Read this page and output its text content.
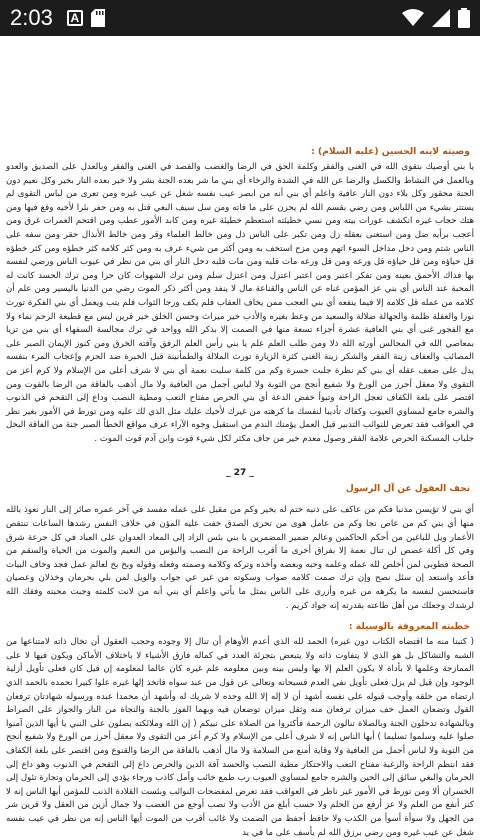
2:03	A
وصيته لابنه الحسين (عليه السلام) :

يا بني أوصيك بتقوى الله في الغنى والفقر وكلمة الحق في الرضا والغضب والقصد في الغنى والفقر وبالعدل على الصديق والعدو وبالعمل في النشاط والكسل والرضا عن الله في الشدة والرخاء أي بني ما شر بعده الجنة بشر ولا خير بعده النار بخير وكل نعيم دون الجنة محقور وكل بلاء دون النار عافية واعلم أي بني أنه من ابصر عيب نفسه شغل عن عيب غيره ومن تعرى من لباس التقوى لم يستتر بشيء من اللباس ومن رضي بقسم الله لم يحزن على ما فاته ومن سل سيف البغي قتل به ومن حفر بئرا لأخيه وقع فيها ومن هتك حجاب غيره انكشف عورات بيته ومن نسي خطيئته استعظم خطيئة غيره ومن كابد الأمور عطب ومن اقتحم الغمرات غرق ومن أعجب برأيه ضل ومن استغنى بعقله زل ومن تكبر على الناس ذل ومن خالط العلماء وقر ومن خالط الأنذال حقر ومن سفه على الناس شتم ومن دخل مداخل السوء اتهم ومن مزح استخف به ومن أكثر من شيء عرف به ومن كثر كلامه كثر خطؤه ومن كثر خطؤه قل حياؤه ومن قل حياؤه قل ورعه ومن قل ورعه مات قلبه ومن مات قلبه دخل النار أي بني من نظر في عيوب الناس ورضي لنفسه بها فذاك الأحمق بعينه ومن تفكر اعتبر ومن اعتبر اعتزل ومن اعتزل سلم ومن ترك الشهوات كان حرا ومن ترك الحسد كانت له المحبة عند الناس أي بني عز المؤمن غناه عن الناس والقناعة مال لا ينفد ومن أكثر ذكر الموت رضي من الدنيا باليسير ومن علم أن كلامه من عمله قل كلامه إلا فيما ينفعه أي بني العجب ممن يخاف العقاب فلم يكف ورجا الثواب فلم يتب ويعمل أي بني الفكرة تورث نورا والغفلة ظلمة والجهالة ضلالة والسعيد من وعظ بغيره والأدب خير ميراث وحسن الخلق خير قرين ليس مع قطيعة الرحم نماء ولا مع الفجور غنى أي بني العافية عشرة أجزاء تسعة منها في الصمت إلا بذكر الله وواحد في ترك مجالسة السفهاء أي بني من تزيا بمعاصي الله في المجالس أورثه الله ذلا ومن طلب العلم علم يا بني رأس العلم الرفق وآفته الخرق ومن كنوز الإيمان الصبر على المصائب والعفاف زينة الفقر والشكر زينة الغنى كثرة الزيارة تورث الملالة والطمأنينة قبل الخبرة ضد الحزم وإعجاب المرء بنفسه يدل على ضعف عقله أي بني كم نظرة جلبت حسرة وكم من كلمة سلبت نعمة أي بني لا شرف أعلى من الإسلام ولا كرم أعز من التقوى ولا معقل أحرز من الورع ولا شفيع أنجح من التوبة ولا لباس أجمل من العافية ولا مال أذهب بالفاقة من الرضا بالقوت ومن اقتصر على بلغة الكفاف تعجل الراحة وتبوأ خفض الدعة أي بني الحرص مفتاح التعب ومطية النصب وداع إلى التقحم في الذنوب والشره جامع لمساوي العيوب وكفاك تأديبا لنفسك ما كرهته من غيرك لأخيك عليك مثل الذي لك عليه ومن تورط في الأمور بغير نظر في العواقب فقد تعرض للنوائب التدبير قبل العمل يؤمنك الندم من استقبل وجوه الآراء عرف مواقع الخطأ الصبر جنة من الفاقة البخل جلباب المسكنة الحرص علامة الفقر وصول معدم خير من جاف مكثر لكل شيء قوت وابن آدم قوت الموت .

_ 27 _
تحف العقول عن آل الرسول

أي بني لا تؤيسن مذنبا فكم من عاكف على ذنبه ختم له بخير وكم من مقبل على عمله مفسد في آخر عمره صائر إلى النار نعوذ بالله منها أي بني كم من عاص نجا وكم من عامل هوى من تحرى الصدق خفت عليه المؤن في خلاف النفس رشدها الساعات تنتقص الأعمار ويل للباغين من أحكم الحاكمين وعالم ضمير المضمرين يا بني بئس الزاد إلى المعاد العدوان على العباد في كل جرعة شرق وفي كل أكلة غصص لن تنال نعمة إلا بفراق أخرى ما أقرب الراحة من النصب والبؤس من النعيم والموت من الحياة والسقم من الصحة فطوبى لمن أخلص لله عمله وعلمه وحبه وبغضه وأخذه وتركه وكلامه وصمته وفعله وقوله وبخ بخ لعالم عمل فجد وخاف البيات فأعد واستعد إن سئل نصح وإن ترك صمت كلامه صواب وسكوته من غير عي جواب والويل لمن بلي بحرمان وخذلان وعصيان فاستحسن لنفسه ما يكرهه من غيره وأزرى على الناس بمثل ما يأتي واعلم أي بني أنه من لانت كلمته وجبت محبته وفقك الله لرشدك وجعلك من أهل طاعته بقدرته إنه جواد كريم .

خطبته المعروفة بالوسيلة :

( كتبنا منه ما اقتضاه الكتاب دون غيره) الحمد لله الذي أعدم الأوهام أن تنال إلا وجوده وحجب العقول أن تخال ذاته لامتناعها من الشبه والتشاكل بل هو الذي لا يتفاوت ذاته ولا يتبعض بتجزئة العدد في كماله فارق الأشياء لا باختلاف الأماكن ويكون فيها لا على الممازجة وعلمها لا بأداة لا يكون العلم إلا بها وليس بينه وبين معلومه علم غيره كان عالما لمعلومه إن قيل كان فعلى تأويل أزلية الوجود وإن قيل لم يزل فعلى تأويل نفي العدم فسبحانه وتعالى عن قول من عبد سواه فاتخذ إلها غيره علوا كبيرا نحمده بالحمد الذي ارتضاه من خلقه وأوجب قبوله على نفسه أشهد أن لا إله إلا الله وحده لا شريك له وأشهد أن محمدا عبده ورسوله شهادتان ترفعان القول وتضعان العمل خف ميزان ترفعان منه وثقل ميزان توضعان فيه وبهما الفوز بالجنة والنجاة من النار والجواز على الصراط وبالشهادة تدخلون الجنة وبالصلاة تنالون الرحمة فأكثروا من الصلاة على نبيكم ( إن الله وملائكته يصلون على النبي يا أيها الذين آمنوا صلوا عليه وسلموا تسليما ) أيها الناس إنه لا شرف أعلى من الإسلام ولا كرم أعز من التقوى ولا معقل أحرز من الورع ولا شفيع أنجح من التوبة ولا لباس أجمل من العافية ولا وقاية أمنع من السلامة ولا مال أذهب بالفاقة من الرضا والقنوع ومن اقتصر على بلغة الكفاف فقد انتظم الراحة والرغبة مفتاح التعب والاحتكار مطية النصب والحسد آفة الدين والحرص داع إلى التقحم في الذنوب وهو داع إلى الحرمان والبغي سائق إلى الحين والشره جامع لمساوي العيوب رب طمع خائب وأمل كاذب ورجاء يؤدي إلى الحرمان وتجارة تئول إلى الخسران ألا ومن تورط في الأمور غير ناظر في العواقب فقد تعرض لمفضحات النوائب وبئست القلادة الذنب للمؤمن أيها الناس إنه لا كنز أنفع من العلم ولا عز أرفع من الحلم ولا حسب أبلغ من الأدب ولا نصب أوجع من الغضب ولا جمال أزين من العقل ولا قرين شر من الجهل ولا سوأة أسوأ من الكذب ولا حافظ أحفظ من الصمت ولا غائب أقرب من الموت أيها الناس إنه من نظر في عيب نفسه شغل عن عيب غيره ومن رضي برزق الله لم يأسف على ما في يد
